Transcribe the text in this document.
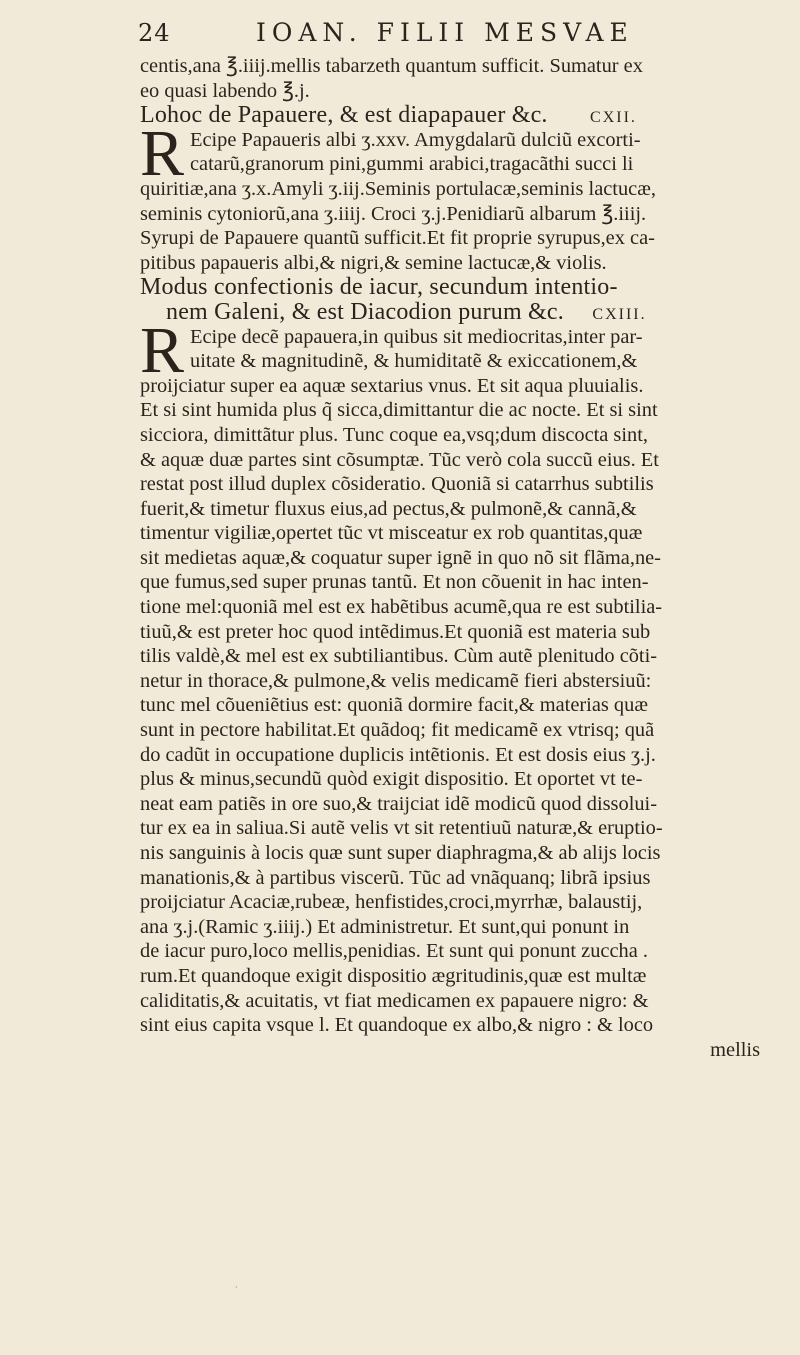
24	IOAN. FILII MESVAE
centis,ana ℥.iiij.mellis tabarzeth quantum sufficit. Sumatur ex
eo quasi labendo ℥.j.
Lohoc de Papauere, & est diapapauer &c.	CXII.
R Ecipe Papaueris albi ʒ.xxv. Amygdalarũ dulciũ excorti-
catarũ,granorum pini,gummi arabici,tragacãthi succi li
quiritiæ,ana ʒ.x.Amyli ʒ.iij.Seminis portulacæ,seminis lactucæ,
seminis cytoniorũ,ana ʒ.iiij. Croci ʒ.j.Penidiarũ albarum ℥.iiij.
Syrupi de Papauere quantũ sufficit.Et fit proprie syrupus,ex ca-
pitibus papaueris albi,& nigri,& semine lactucæ,& violis.
Modus confectionis de iacur, secundum intentio-
nem Galeni, & est Diacodion purum &c. CXIII.
R Ecipe decẽ papauera,in quibus sit mediocritas,inter par-
uitate & magnitudinẽ, & humiditatẽ & exiccationem,&
proijciatur super ea aquæ sextarius vnus. Et sit aqua pluuialis.
Et si sint humida plus q̃ sicca,dimittantur die ac nocte. Et si sint
sicciora, dimittãtur plus. Tunc coque ea,vsq;dum discocta sint,
& aquæ duæ partes sint cõsumptæ. Tũc verò cola succũ eius. Et
restat post illud duplex cõsideratio. Quoniã si catarrhus subtilis
fuerit,& timetur fluxus eius,ad pectus,& pulmonẽ,& cannã,&
timentur vigiliæ,opertet tũc vt misceatur ex rob quantitas,quæ
sit medietas aquæ,& coquatur super ignẽ in quo nõ sit flãma,ne-
que fumus,sed super prunas tantũ. Et non cõuenit in hac inten-
tione mel:quoniã mel est ex habẽtibus acumẽ,qua re est subtilia-
tiuũ,& est preter hoc quod intẽdimus.Et quoniã est materia sub
tilis valdè,& mel est ex subtiliantibus. Cùm autẽ plenitudo cõti-
netur in thorace,& pulmone,& velis medicamẽ fieri abstersiuũ:
tunc mel cõueniẽtius est: quoniã dormire facit,& materias quæ
sunt in pectore habilitat.Et quãdoq; fit medicamẽ ex vtrisq; quã
do cadũt in occupatione duplicis intẽtionis. Et est dosis eius ʒ.j.
plus & minus,secundũ quòd exigit dispositio. Et oportet vt te-
neat eam patiẽs in ore suo,& traijciat idẽ modicũ quod dissolui-
tur ex ea in saliua.Si autẽ velis vt sit retentiuũ naturæ,& eruptio-
nis sanguinis à locis quæ sunt super diaphragma,& ab alijs locis
manationis,& à partibus viscerũ. Tũc ad vnãquanq; librã ipsius
proijciatur Acaciæ,rubeæ, henfistides,croci,myrrhæ, balaustij,
ana ʒ.j.(Ramic ʒ.iiij.) Et administretur. Et sunt,qui ponunt in
de iacur puro,loco mellis,penidias. Et sunt qui ponunt zuccha .
rum.Et quandoque exigit dispositio ægritudinis,quæ est multæ
caliditatis,& acuitatis, vt fiat medicamen ex papauere nigro: &
sint eius capita vsque l. Et quandoque ex albo,& nigro : & loco
mellis
·
